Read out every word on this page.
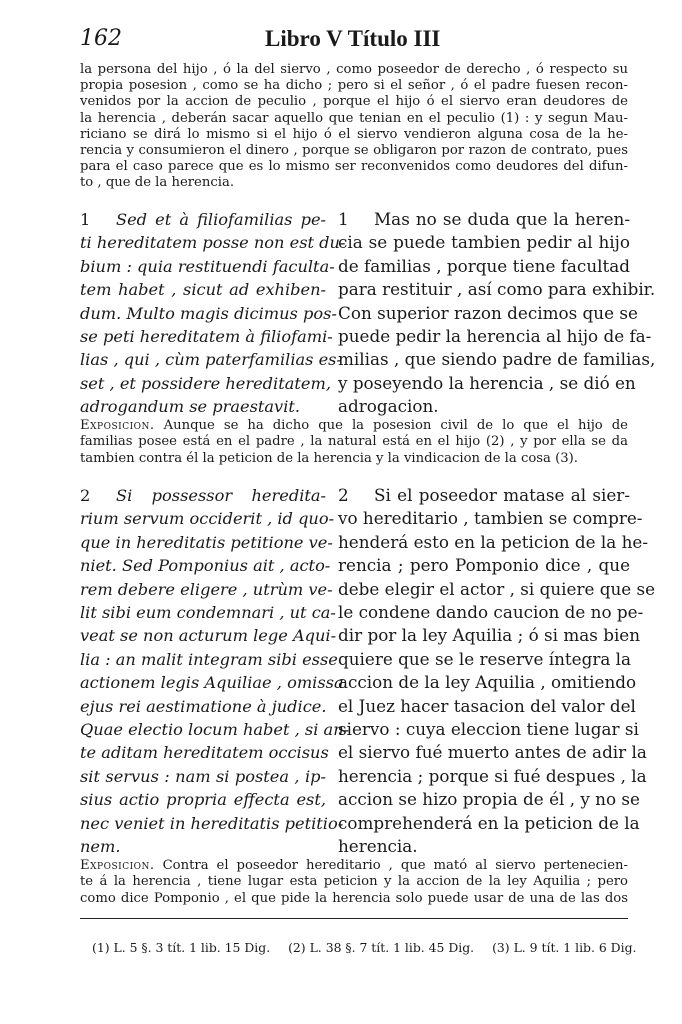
162	Libro V Título III
la persona del hijo , ó la del siervo , como poseedor de derecho , ó respecto su
propia posesion , como se ha dicho ; pero si el señor , ó el padre fuesen recon-
venidos por la accion de peculio , porque el hijo ó el siervo eran deudores de
la herencia , deberán sacar aquello que tenian en el peculio (1) : y segun Mau-
riciano se dirá lo mismo si el hijo ó el siervo vendieron alguna cosa de la he-
rencia y consumieron el dinero , porque se obligaron por razon de contrato, pues
para el caso parece que es lo mismo ser reconvenidos como deudores del difun-
to , que de la herencia.
1 Sed et à filiofamilias pe-
ti hereditatem posse non est du-
bium : quia restituendi faculta-
tem habet , sicut ad exhiben-
dum. Multo magis dicimus pos-
se peti hereditatem à filiofami-
lias , qui , cùm paterfamilias es-
set , et possidere hereditatem,
adrogandum se praestavit.
1 Mas no se duda que la heren-
cia se puede tambien pedir al hijo
de familias , porque tiene facultad
para restituir , así como para exhibir.
Con superior razon decimos que se
puede pedir la herencia al hijo de fa-
milias , que siendo padre de familias,
y poseyendo la herencia , se dió en
adrogacion.
Exposicion. Aunque se ha dicho que la posesion civil de lo que el hijo de
familias posee está en el padre , la natural está en el hijo (2) , y por ella se da
tambien contra él la peticion de la herencia y la vindicacion de la cosa (3).
2 Si possessor heredita-
rium servum occiderit , id quo-
que in hereditatis petitione ve-
niet. Sed Pomponius ait , acto-
rem debere eligere , utrùm ve-
lit sibi eum condemnari , ut ca-
veat se non acturum lege Aqui-
lia : an malit integram sibi esse
actionem legis Aquiliae , omissa
ejus rei aestimatione à judice.
Quae electio locum habet , si an-
te aditam hereditatem occisus
sit servus : nam si postea , ip-
sius actio propria effecta est,
nec veniet in hereditatis petitio-
nem.
2 Si el poseedor matase al sier-
vo hereditario , tambien se compre-
henderá esto en la peticion de la he-
rencia ; pero Pomponio dice , que
debe elegir el actor , si quiere que se
le condene dando caucion de no pe-
dir por la ley Aquilia ; ó si mas bien
quiere que se le reserve íntegra la
accion de la ley Aquilia , omitiendo
el Juez hacer tasacion del valor del
siervo : cuya eleccion tiene lugar si
el siervo fué muerto antes de adir la
herencia ; porque si fué despues , la
accion se hizo propia de él , y no se
comprehenderá en la peticion de la
herencia.
Exposicion. Contra el poseedor hereditario , que mató al siervo pertenecien-
te á la herencia , tiene lugar esta peticion y la accion de la ley Aquilia ; pero
como dice Pomponio , el que pide la herencia solo puede usar de una de las dos
(1) L. 5 §. 3 tít. 1 lib. 15 Dig. (2) L. 38 §. 7 tít. 1 lib. 45 Dig. (3) L. 9 tít. 1 lib. 6 Dig.
